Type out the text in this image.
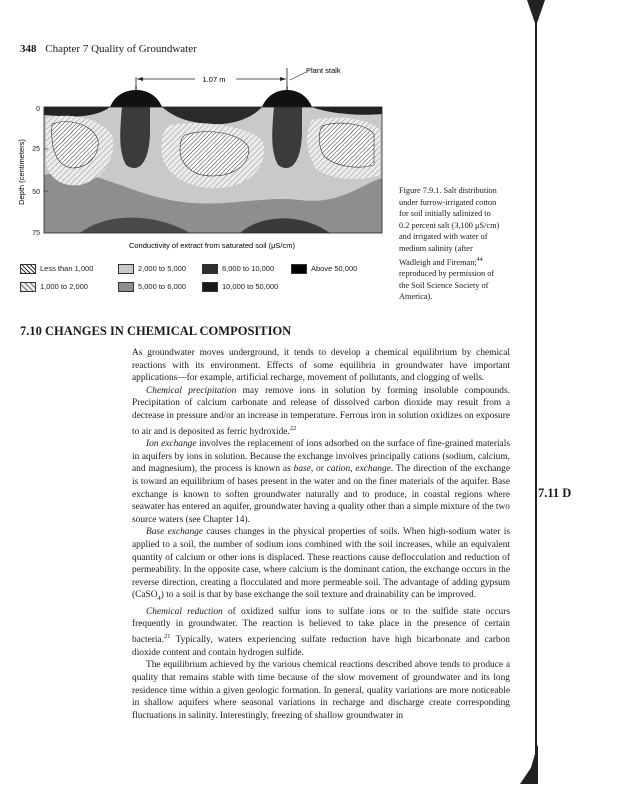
348 Chapter 7 Quality of Groundwater
1.07 m
Plant stalk
0
25
50
75
Depth (centimeters)
Conductivity of extract from saturated soil (μS/cm)
Less than 1,000
1,000 to 2,000
2,000 to 5,000
5,000 to 6,000
6,000 to 10,000
10,000 to 50,000
Above 50,000
Figure 7.9.1. Salt distribution under furrow-irrigated cotton for soil initially salinized to 0.2 percent salt (3,100 μS/cm) and irrigated with water of medium salinity (after Wadleigh and Fireman;$^{44}$ reproduced by permission of the Soil Science Society of America).
7.10 CHANGES IN CHEMICAL COMPOSITION
7.11 D

As groundwater moves underground, it tends to develop a chemical equilibrium by chemical reactions with its environment. Effects of some equilibria in groundwater have important applications—for example, artificial recharge, movement of pollutants, and clogging of wells.

Chemical precipitation may remove ions in solution by forming insoluble compounds. Precipitation of calcium carbonate and release of dissolved carbon dioxide may result from a decrease in pressure and/or an increase in temperature. Ferrous iron in solution oxidizes on exposure to air and is deposited as ferric hydroxide.$^{22}$

Ion exchange involves the replacement of ions adsorbed on the surface of fine-grained materials in aquifers by ions in solution. Because the exchange involves principally cations (sodium, calcium, and magnesium), the process is known as base, or cation, exchange. The direction of the exchange is toward an equilibrium of bases present in the water and on the finer materials of the aquifer. Base exchange is known to soften groundwater naturally and to produce, in coastal regions where seawater has entered an aquifer, groundwater having a quality other than a simple mixture of the two source waters (see Chapter 14).

Base exchange causes changes in the physical properties of soils. When high-sodium water is applied to a soil, the number of sodium ions combined with the soil increases, while an equivalent quantity of calcium or other ions is displaced. These reactions cause deflocculation and reduction of permeability. In the opposite case, where calcium is the dominant cation, the exchange occurs in the reverse direction, creating a flocculated and more permeable soil. The advantage of adding gypsum (CaSO$_4$) to a soil is that by base exchange the soil texture and drainability can be improved.

Chemical reduction of oxidized sulfur ions to sulfate ions or to the sulfide state occurs frequently in groundwater. The reaction is believed to take place in the presence of certain bacteria.$^{21}$ Typically, waters experiencing sulfate reduction have high bicarbonate and carbon dioxide content and contain hydrogen sulfide.

The equilibrium achieved by the various chemical reactions described above tends to produce a quality that remains stable with time because of the slow movement of groundwater and its long residence time within a given geologic formation. In general, quality variations are more noticeable in shallow aquifers where seasonal variations in recharge and discharge create corresponding fluctuations in salinity. Interestingly, freezing of shallow groundwater in
